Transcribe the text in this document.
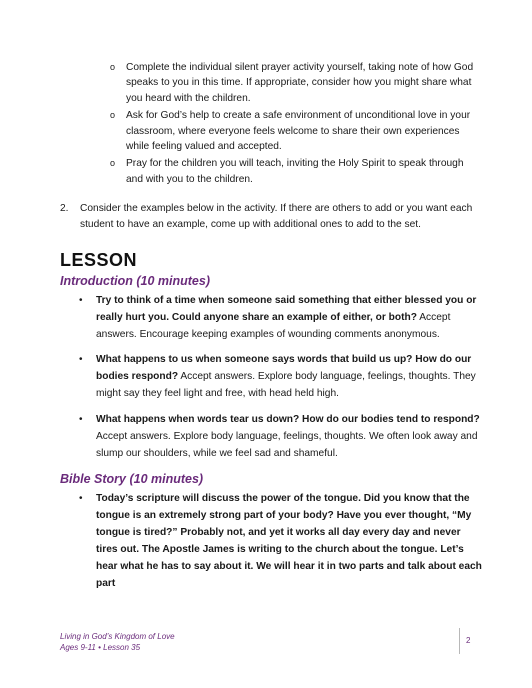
o Complete the individual silent prayer activity yourself, taking note of how God speaks to you in this time. If appropriate, consider how you might share what you heard with the children.
o Ask for God’s help to create a safe environment of unconditional love in your classroom, where everyone feels welcome to share their own experiences while feeling valued and accepted.
o Pray for the children you will teach, inviting the Holy Spirit to speak through and with you to the children.
2. Consider the examples below in the activity. If there are others to add or you want each student to have an example, come up with additional ones to add to the set.
LESSON
Introduction (10 minutes)
• Try to think of a time when someone said something that either blessed you or really hurt you. Could anyone share an example of either, or both? Accept answers. Encourage keeping examples of wounding comments anonymous.
• What happens to us when someone says words that build us up? How do our bodies respond? Accept answers. Explore body language, feelings, thoughts. They might say they feel light and free, with head held high.
• What happens when words tear us down? How do our bodies tend to respond? Accept answers. Explore body language, feelings, thoughts. We often look away and slump our shoulders, while we feel sad and shameful.
Bible Story (10 minutes)
• Today’s scripture will discuss the power of the tongue. Did you know that the tongue is an extremely strong part of your body? Have you ever thought, “My tongue is tired?” Probably not, and yet it works all day every day and never tires out. The Apostle James is writing to the church about the tongue. Let’s hear what he has to say about it. We will hear it in two parts and talk about each part
Living in God’s Kingdom of Love
Ages 9-11 • Lesson 35
2
